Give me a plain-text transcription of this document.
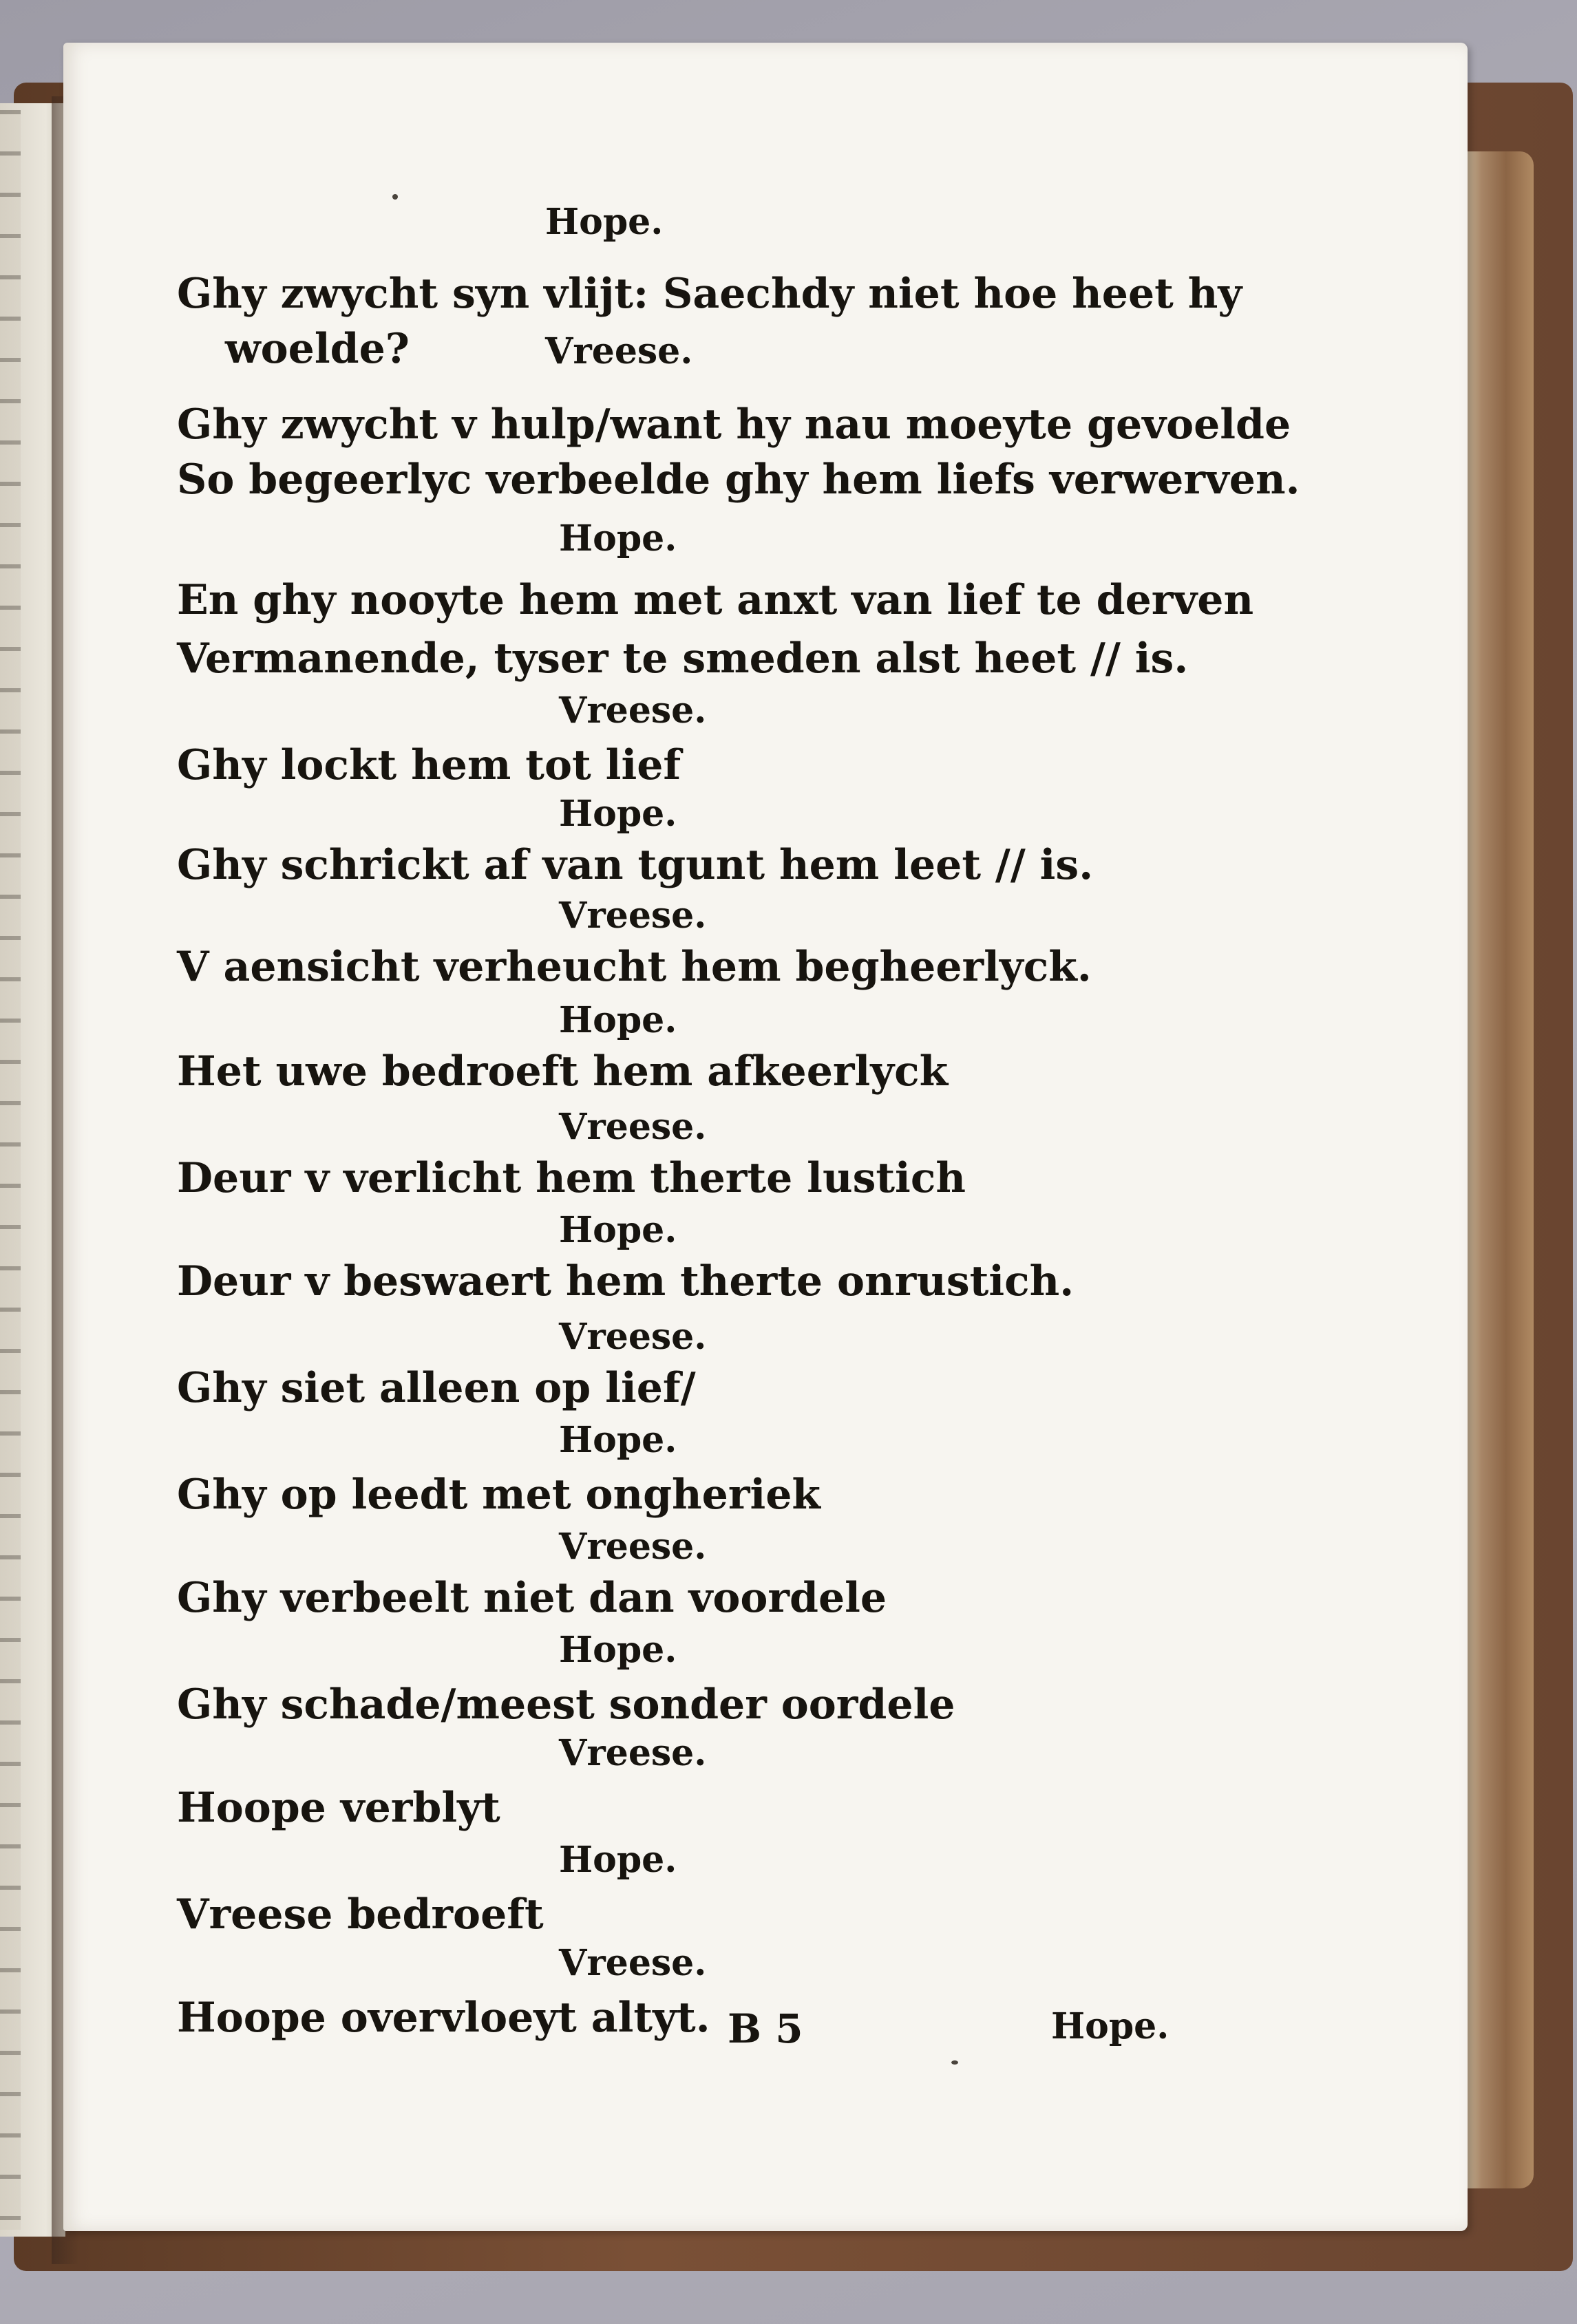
Hope.
Ghy zwycht syn vlijt: Saechdy niet hoe heet hy
woelde?	Vreese.
Ghy zwycht v hulp/want hy nau moeyte gevoelde
So begeerlyc verbeelde ghy hem liefs verwerven.
Hope.
En ghy nooyte hem met anxt van lief te derven
Vermanende, tyser te smeden alst heet // is.
Vreese.
Ghy lockt hem tot lief
Hope.
Ghy schrickt af van tgunt hem leet // is.
Vreese.
V aensicht verheucht hem begheerlyck.
Hope.
Het uwe bedroeft hem afkeerlyck
Vreese.
Deur v verlicht hem therte lustich
Hope.
Deur v beswaert hem therte onrustich.
Vreese.
Ghy siet alleen op lief/
Hope.
Ghy op leedt met ongheriek
Vreese.
Ghy verbeelt niet dan voordele
Hope.
Ghy schade/meest sonder oordele
Vreese.
Hoope verblyt
Hope.
Vreese bedroeft
Vreese.
Hoope overvloeyt altyt. B 5	Hope.
